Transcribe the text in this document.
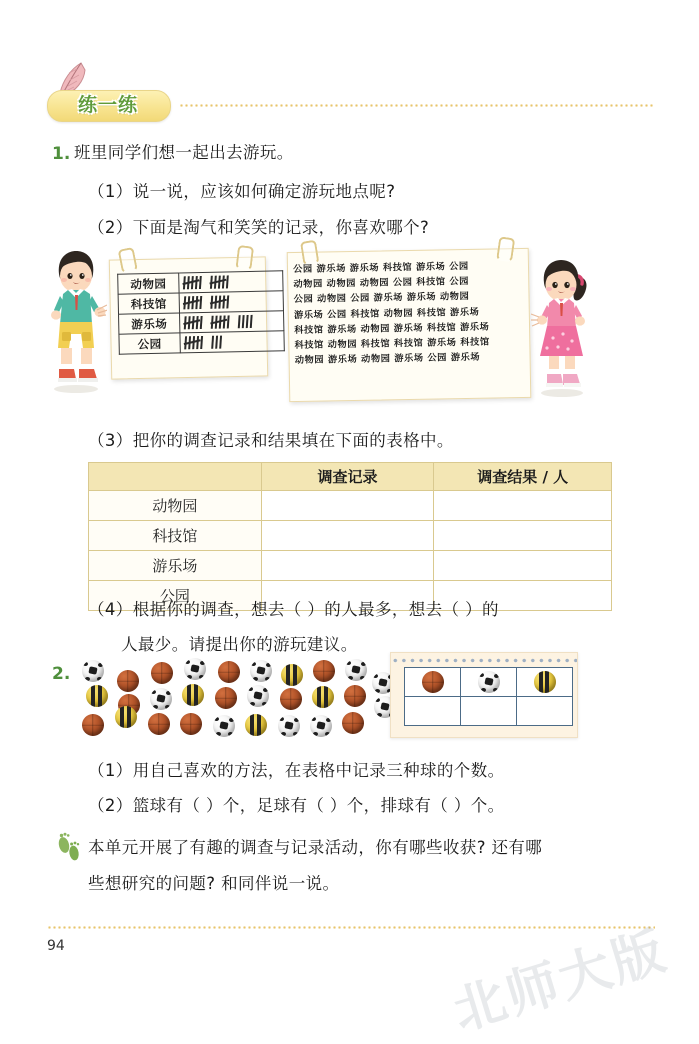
练一练
1. 班里同学们想一起出去游玩。
（1）说一说，应该如何确定游玩地点呢?
（2）下面是淘气和笑笑的记录，你喜欢哪个?
动物园	

科技馆	

游乐场	

公园	
公园 游乐场 游乐场 科技馆 游乐场 公园
动物园 动物园 动物园 公园 科技馆 公园
公园 动物园 公园 游乐场 游乐场 动物园
游乐场 公园 科技馆 动物园 科技馆 游乐场
科技馆 游乐场 动物园 游乐场 科技馆 游乐场
科技馆 动物园 科技馆 科技馆 游乐场 科技馆
动物园 游乐场 动物园 游乐场 公园 游乐场
（3）把你的调查记录和结果填在下面的表格中。
	调查记录	调查结果 / 人
动物园		
科技馆		
游乐场		
公园		
（4）根据你的调查，想去（ ）的人最多，想去（ ）的
人最少。请提出你的游玩建议。
2.

（1）用自己喜欢的方法，在表格中记录三种球的个数。
（2）篮球有（ ）个，足球有（ ）个，排球有（ ）个。
本单元开展了有趣的调查与记录活动，你有哪些收获? 还有哪
些想研究的问题? 和同伴说一说。
94	北师大版
